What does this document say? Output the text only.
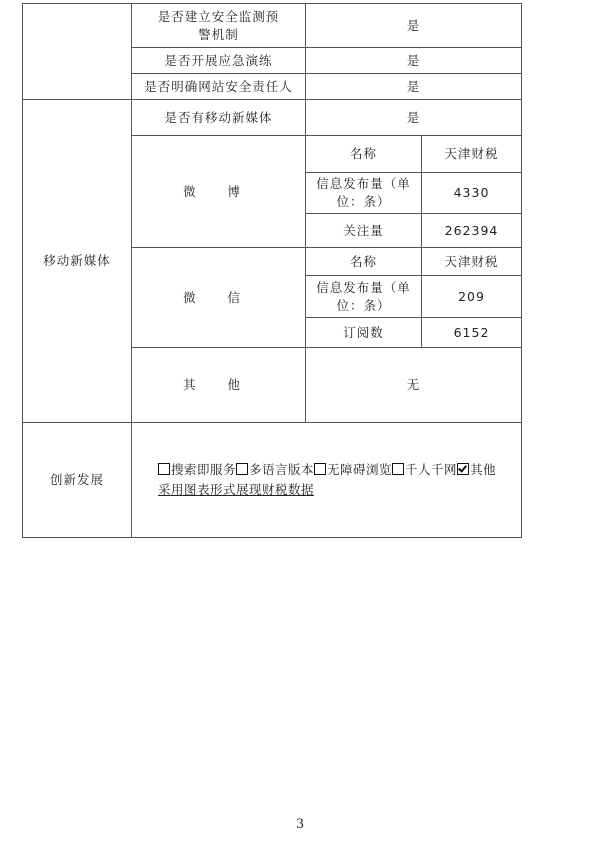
	是否建立安全监测预警机制	是	
	是否开展应急演练	是	
	是否明确网站安全责任人	是	
移动新媒体	是否有移动新媒体	是	
	微 博	名称	天津财税
		信息发布量（单位：条）	4330
		关注量	262394
	微 信	名称	天津财税
		信息发布量（单位：条）	209
		订阅数	6152
	其 他	无	
创新发展	搜索即服务 多语言版本 无障碍浏览 千人千网 其他
采用图表形式展现财税数据		
3
